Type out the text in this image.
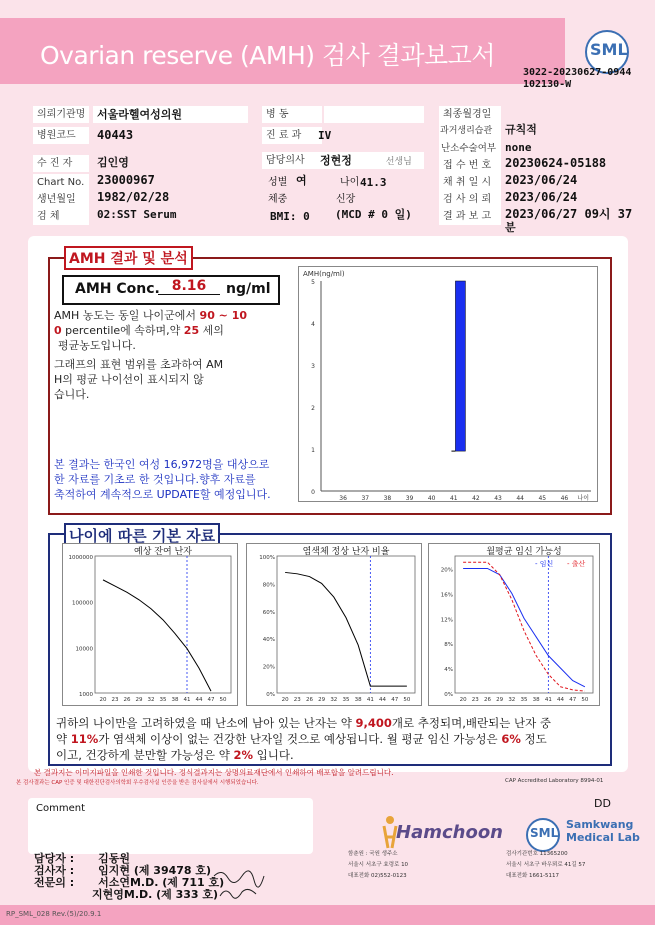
Ovarian reserve (AMH) 검사 결과보고서	SML
3022-20230627-0944
102130-W
의뢰기관명	서울라헬여성의원
병원코드	40443
수 진 자	김인영
Chart No.	23000967
생년월일	1982/02/28
검 체	02:SST Serum
병 동
진 료 과	IV
담당의사	정현정	선생님
성별 여	나이 41.3
체중	신장
BMI: 0 (MCD # 0 일)
최종월경일
과거생리습관	규칙적
난소수술여부 none
접 수 번 호	20230624-05188
채 취 일 시	2023/06/24
검 사 의 뢰	2023/06/24
결 과 보 고	2023/06/27 09시 37
분
AMH 결과 및 분석
AMH Conc. 8.16	ng/ml
AMH 농도는 동일 나이군에서 90 ~ 10
0 percentile에 속하며,약 25 세의
평균농도입니다.
그래프의 표현 범위를 초과하여 AM
H의 평균 나이선이 표시되지 않
습니다.
본 결과는 한국인 여성 16,972명을 대상으로
한 자료를 기초로 한 것입니다.향후 자료를
축적하여 계속적으로 UPDATE할 예정입니다.
AMH(ng/ml)
0
1
2
3
4
5
36 37 38 39 40 41 42 43 44 45 46 나이
나이에 따른 기본 자료
예상 잔여 난자
1000
10000
100000
1000000
20 23 26 29 32 35 38 41 44 47 50
염색체 정상 난자 비율
0%
20%
40%
60%
80%
100%
20 23 26 29 32 35 38 41 44 47 50
월평균 임신 가능성
0%
4%
8%
12%
16%
20%
20 23 26 29 32 35 38 41 44 47 50
- 임신 - 출산
귀하의 나이만을 고려하였을 때 난소에 남아 있는 난자는 약 9,400개로 추정되며,배란되는 난자 중
약 11%가 염색체 이상이 없는 건강한 난자일 것으로 예상됩니다. 월 평균 임신 가능성은 6% 정도
이고, 건강하게 분만할 가능성은 약 2% 입니다.
본 결과지는 이미지파일을 인쇄한 것입니다. 정식결과지는 상명의료재단에서 인쇄하여 배포합을 알려드립니다.
본 검사결과는 CAP 인증 및 대한진단검사의학회 우수검사실 인증을 받은 검사실에서 시행되었습니다.	CAP Accredited Laboratory 8994-01
Comment	DD
담당자 : 김동원
검사자 : 임지현 (제 39478 호)
전문의 : 서소연M.D. (제 711 호)
지현영M.D. (제 333 호)
Hamchoon
함춘원 : 국원 생주소
서울시 서초구 효령로 10
대표전화 02)552-0123
SML
Samkwang
Medical Lab
검사기관번호 11365200
서울시 서초구 바우뫼로 41길 57
대표전화 1661-5117
RP_SML_028 Rev.(5)/20.9.1
